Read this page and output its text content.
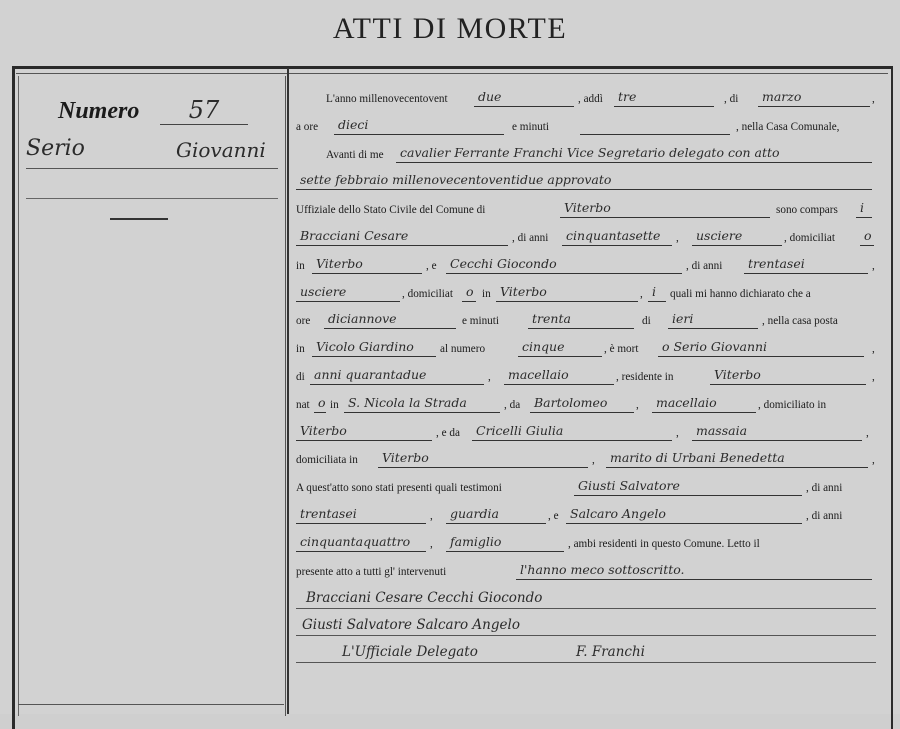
ATTI DI MORTE
Numero	57
Serio	Giovanni
L'anno millenovecentovent	due	, addì	tre	, di	marzo	,
a ore	dieci	e minuti	, nella Casa Comunale,
Avanti di me	cavalier Ferrante Franchi Vice Segretario delegato con atto
sette febbraio millenovecentoventidue approvato
Uffiziale dello Stato Civile del Comune di	Viterbo	sono compars	i
Bracciani Cesare	, di anni	cinquantasette	,	usciere	, domiciliat	o
in Viterbo	, e	Cecchi Giocondo	, di anni	trentasei	,
usciere	, domiciliat	o in Viterbo	, i	quali mi hanno dichiarato che a
ore	diciannove	e minuti	trenta	di	ieri	, nella casa posta
in Vicolo Giardino	al numero	cinque	, è mort	o Serio Giovanni	,
di anni quarantadue	,	macellaio	, residente in	Viterbo	,
nat o in S. Nicola la Strada	, da	Bartolomeo	,	macellaio	, domiciliato in
Viterbo	, e da	Cricelli Giulia	,	massaia	,
domiciliata in	Viterbo	,	marito di Urbani Benedetta	,
A quest'atto sono stati presenti quali testimoni	Giusti Salvatore	, di anni
trentasei	,	guardia	, e Salcaro Angelo	, di anni
cinquantaquattro	,	famiglio	, ambi residenti in questo Comune. Letto il
presente atto a tutti gl' intervenuti	l'hanno meco sottoscritto.
Bracciani Cesare Cecchi Giocondo
Giusti Salvatore Salcaro Angelo
L'Ufficiale Delegato	F. Franchi
